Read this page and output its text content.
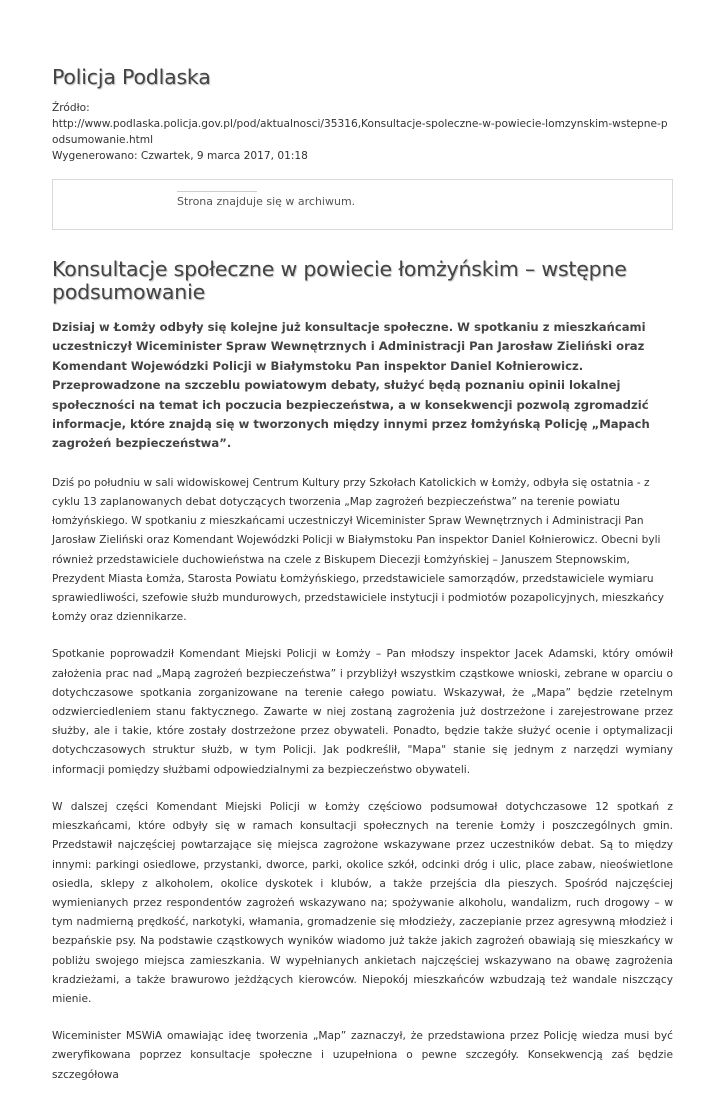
Policja Podlaska
Źródło:
http://www.podlaska.policja.gov.pl/pod/aktualnosci/35316,Konsultacje-spoleczne-w-powiecie-lomzynskim-wstepne-podsumowanie.html
Wygenerowano: Czwartek, 9 marca 2017, 01:18
Strona znajduje się w archiwum.
Konsultacje społeczne w powiecie łomżyńskim – wstępne podsumowanie
Dzisiaj w Łomży odbyły się kolejne już konsultacje społeczne. W spotkaniu z mieszkańcami uczestniczył Wiceminister Spraw Wewnętrznych i Administracji Pan Jarosław Zieliński oraz Komendant Wojewódzki Policji w Białymstoku Pan inspektor Daniel Kołnierowicz. Przeprowadzone na szczeblu powiatowym debaty, służyć będą poznaniu opinii lokalnej społeczności na temat ich poczucia bezpieczeństwa, a w konsekwencji pozwolą zgromadzić informacje, które znajdą się w tworzonych między innymi przez łomżyńską Policję „Mapach zagrożeń bezpieczeństwa”.

Dziś po południu w sali widowiskowej Centrum Kultury przy Szkołach Katolickich w Łomży, odbyła się ostatnia - z cyklu 13 zaplanowanych debat dotyczących tworzenia „Map zagrożeń bezpieczeństwa” na terenie powiatu łomżyńskiego. W spotkaniu z mieszkańcami uczestniczył Wiceminister Spraw Wewnętrznych i Administracji Pan Jarosław Zieliński oraz Komendant Wojewódzki Policji w Białymstoku Pan inspektor Daniel Kołnierowicz. Obecni byli również przedstawiciele duchowieństwa na czele z Biskupem Diecezji Łomżyńskiej – Januszem Stepnowskim, Prezydent Miasta Łomża, Starosta Powiatu Łomżyńskiego, przedstawiciele samorządów, przedstawiciele wymiaru sprawiedliwości, szefowie służb mundurowych, przedstawiciele instytucji i podmiotów pozapolicyjnych, mieszkańcy Łomży oraz dziennikarze.

Spotkanie poprowadził Komendant Miejski Policji w Łomży – Pan młodszy inspektor Jacek Adamski, który omówił założenia prac nad „Mapą zagrożeń bezpieczeństwa” i przybliżył wszystkim cząstkowe wnioski, zebrane w oparciu o dotychczasowe spotkania zorganizowane na terenie całego powiatu. Wskazywał, że „Mapa” będzie rzetelnym odzwierciedleniem stanu faktycznego. Zawarte w niej zostaną zagrożenia już dostrzeżone i zarejestrowane przez służby, ale i takie, które zostały dostrzeżone przez obywateli. Ponadto, będzie także służyć ocenie i optymalizacji dotychczasowych struktur służb, w tym Policji. Jak podkreślił, "Mapa" stanie się jednym z narzędzi wymiany informacji pomiędzy służbami odpowiedzialnymi za bezpieczeństwo obywateli.

W dalszej części Komendant Miejski Policji w Łomży częściowo podsumował dotychczasowe 12 spotkań z mieszkańcami, które odbyły się w ramach konsultacji społecznych na terenie Łomży i poszczególnych gmin. Przedstawił najczęściej powtarzające się miejsca zagrożone wskazywane przez uczestników debat. Są to między innymi: parkingi osiedlowe, przystanki, dworce, parki, okolice szkół, odcinki dróg i ulic, place zabaw, nieoświetlone osiedla, sklepy z alkoholem, okolice dyskotek i klubów, a także przejścia dla pieszych. Spośród najczęściej wymienianych przez respondentów zagrożeń wskazywano na; spożywanie alkoholu, wandalizm, ruch drogowy – w tym nadmierną prędkość, narkotyki, włamania, gromadzenie się młodzieży, zaczepianie przez agresywną młodzież i bezpańskie psy. Na podstawie cząstkowych wyników wiadomo już także jakich zagrożeń obawiają się mieszkańcy w pobliżu swojego miejsca zamieszkania. W wypełnianych ankietach najczęściej wskazywano na obawę zagrożenia kradzieżami, a także brawurowo jeżdżących kierowców. Niepokój mieszkańców wzbudzają też wandale niszczący mienie.

Wiceminister MSWiA omawiając ideę tworzenia „Map” zaznaczył, że przedstawiona przez Policję wiedza musi być zweryfikowana poprzez konsultacje społeczne i uzupełniona o pewne szczegóły. Konsekwencją zaś będzie szczegółowa
